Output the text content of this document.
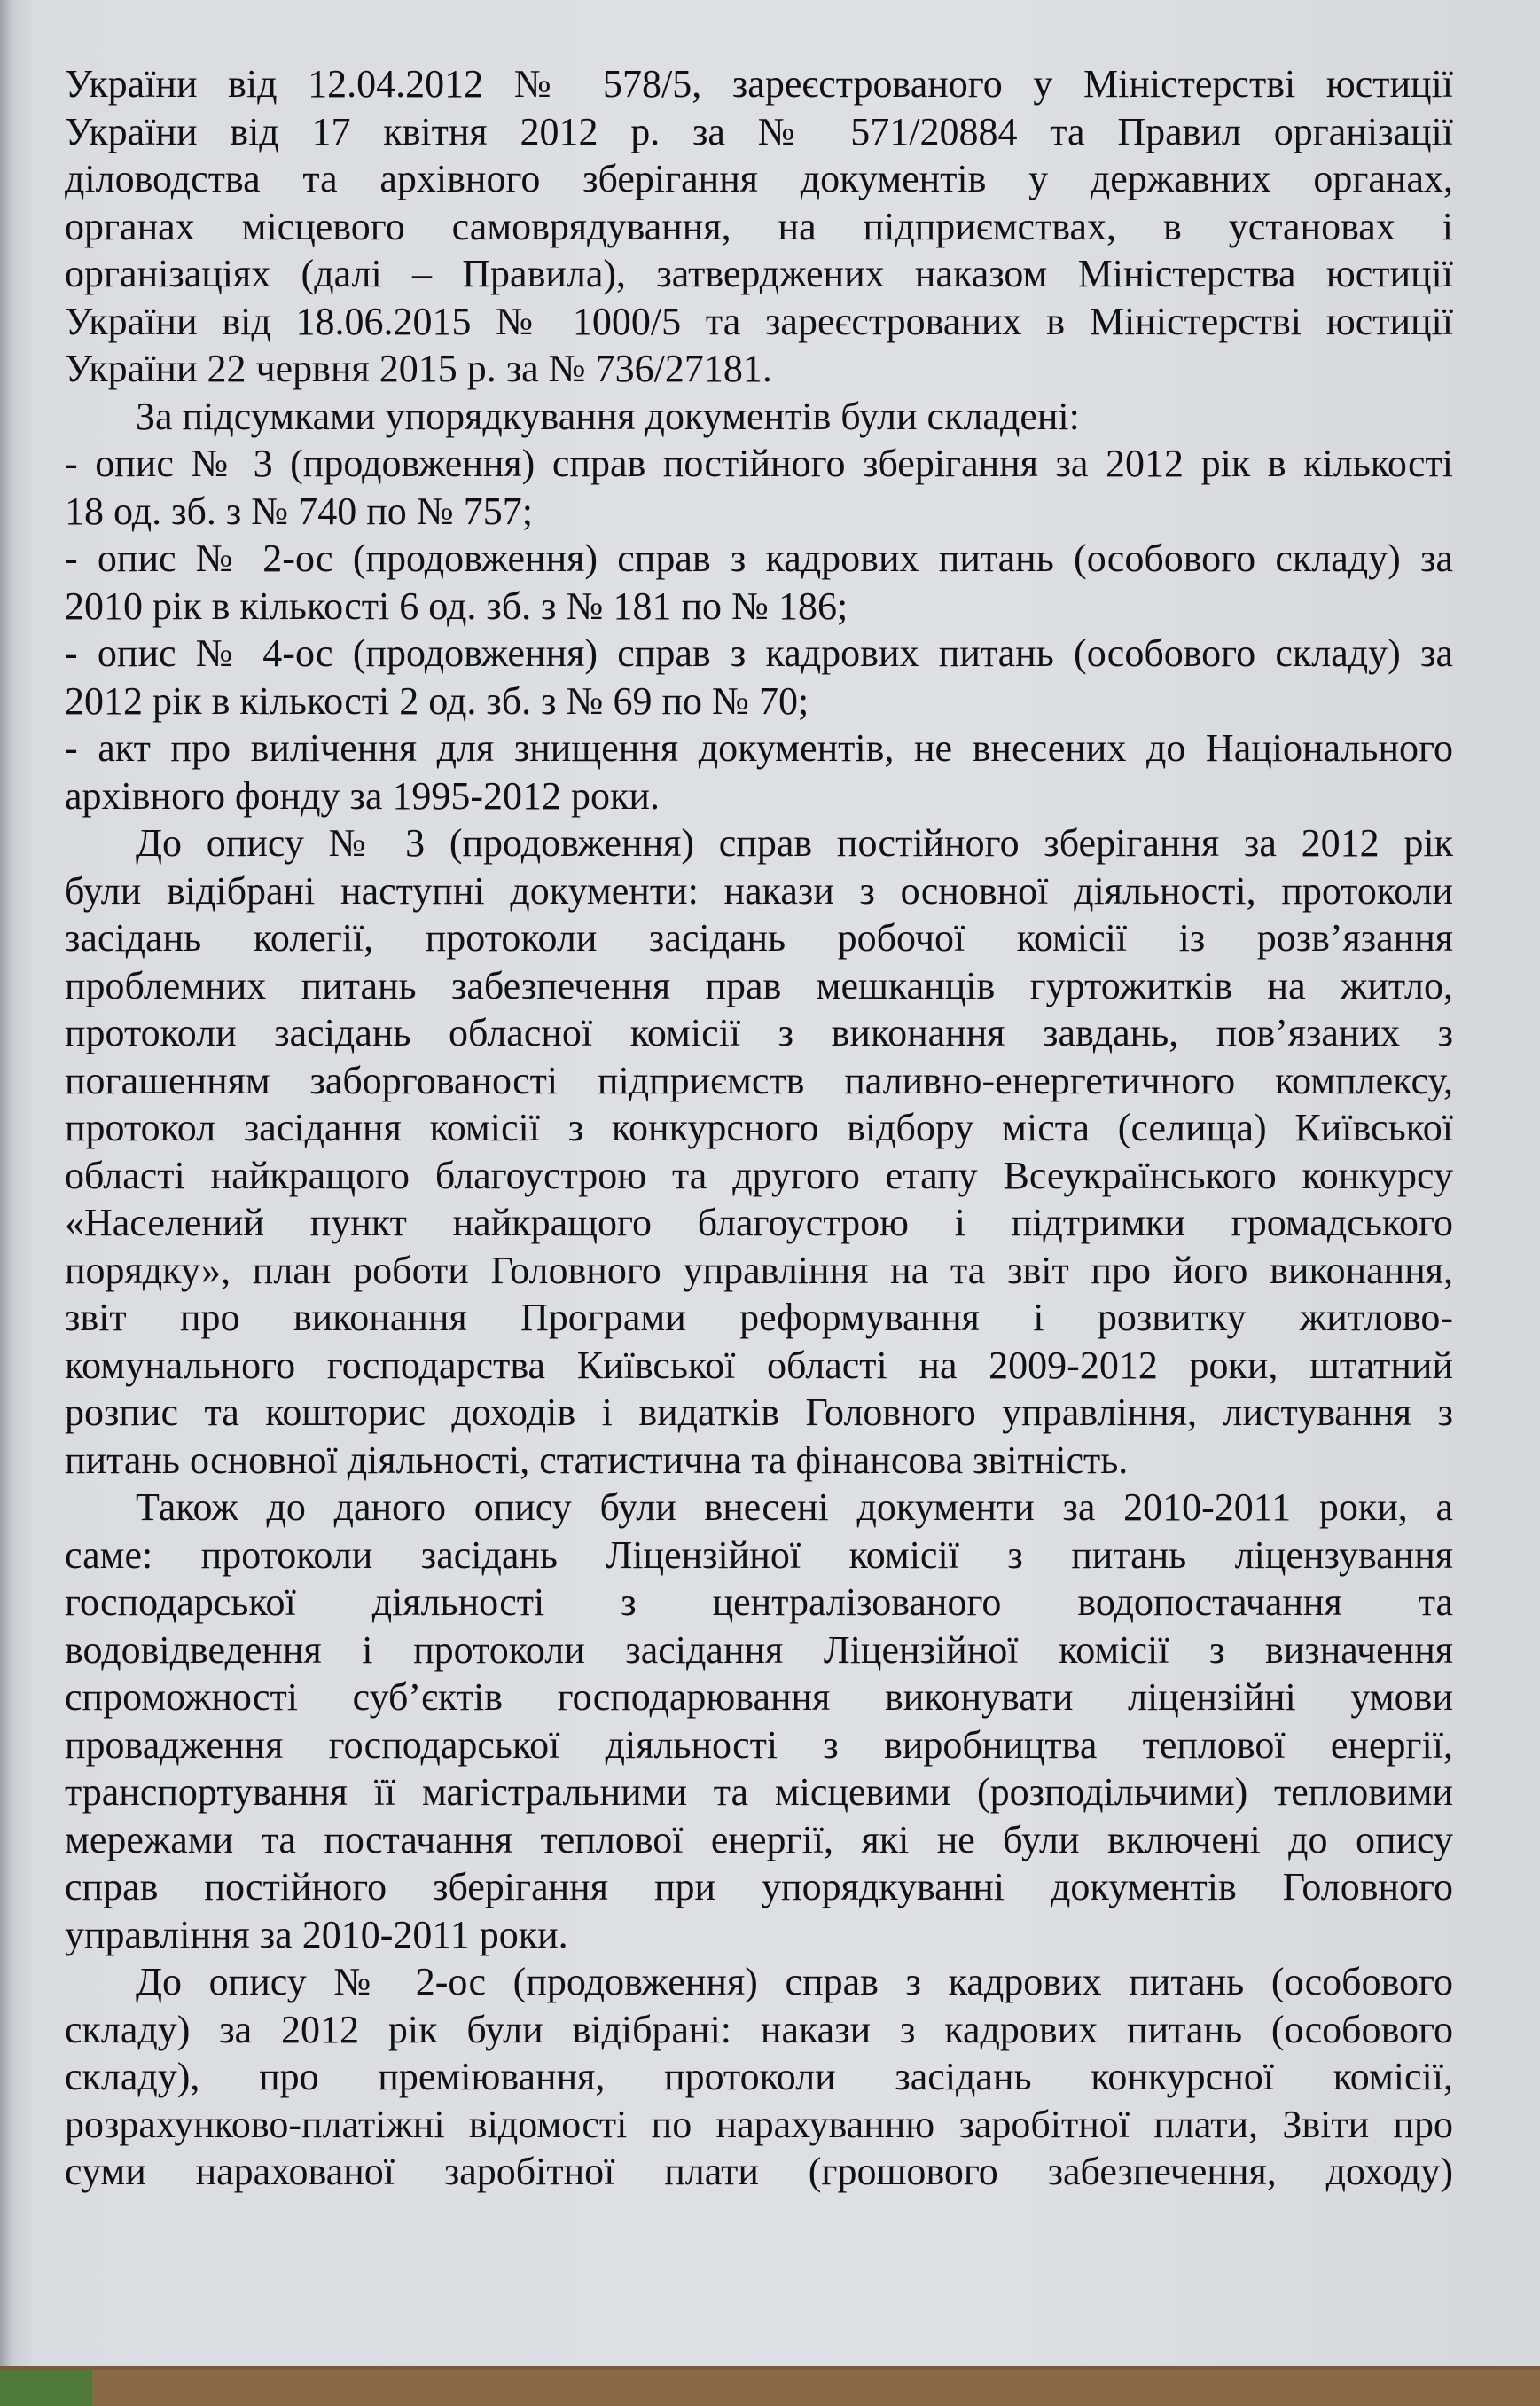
України від 12.04.2012 № 578/5, зареєстрованого у Міністерстві юстиції
України від 17 квітня 2012 р. за № 571/20884 та Правил організації
діловодства та архівного зберігання документів у державних органах,
органах місцевого самоврядування, на підприємствах, в установах і
організаціях (далі – Правила), затверджених наказом Міністерства юстиції
України від 18.06.2015 № 1000/5 та зареєстрованих в Міністерстві юстиції
України 22 червня 2015 р. за № 736/27181.
За підсумками упорядкування документів були складені:
- опис № 3 (продовження) справ постійного зберігання за 2012 рік в кількості
18 од. зб. з № 740 по № 757;
- опис № 2-ос (продовження) справ з кадрових питань (особового складу) за
2010 рік в кількості 6 од. зб. з № 181 по № 186;
- опис № 4-ос (продовження) справ з кадрових питань (особового складу) за
2012 рік в кількості 2 од. зб. з № 69 по № 70;
- акт про вилічення для знищення документів, не внесених до Національного
архівного фонду за 1995-2012 роки.
До опису № 3 (продовження) справ постійного зберігання за 2012 рік
були відібрані наступні документи: накази з основної діяльності, протоколи
засідань колегії, протоколи засідань робочої комісії із розв’язання
проблемних питань забезпечення прав мешканців гуртожитків на житло,
протоколи засідань обласної комісії з виконання завдань, пов’язаних з
погашенням заборгованості підприємств паливно-енергетичного комплексу,
протокол засідання комісії з конкурсного відбору міста (селища) Київської
області найкращого благоустрою та другого етапу Всеукраїнського конкурсу
«Населений пункт найкращого благоустрою і підтримки громадського
порядку», план роботи Головного управління на та звіт про його виконання,
звіт про виконання Програми реформування і розвитку житлово-
комунального господарства Київської області на 2009-2012 роки, штатний
розпис та кошторис доходів і видатків Головного управління, листування з
питань основної діяльності, статистична та фінансова звітність.
Також до даного опису були внесені документи за 2010-2011 роки, а
саме: протоколи засідань Ліцензійної комісії з питань ліцензування
господарської діяльності з централізованого водопостачання та
водовідведення і протоколи засідання Ліцензійної комісії з визначення
спроможності суб’єктів господарювання виконувати ліцензійні умови
провадження господарської діяльності з виробництва теплової енергії,
транспортування її магістральними та місцевими (розподільчими) тепловими
мережами та постачання теплової енергії, які не були включені до опису
справ постійного зберігання при упорядкуванні документів Головного
управління за 2010-2011 роки.
До опису № 2-ос (продовження) справ з кадрових питань (особового
складу) за 2012 рік були відібрані: накази з кадрових питань (особового
складу), про преміювання, протоколи засідань конкурсної комісії,
розрахунково-платіжні відомості по нарахуванню заробітної плати, Звіти про
суми нарахованої заробітної плати (грошового забезпечення, доходу)
